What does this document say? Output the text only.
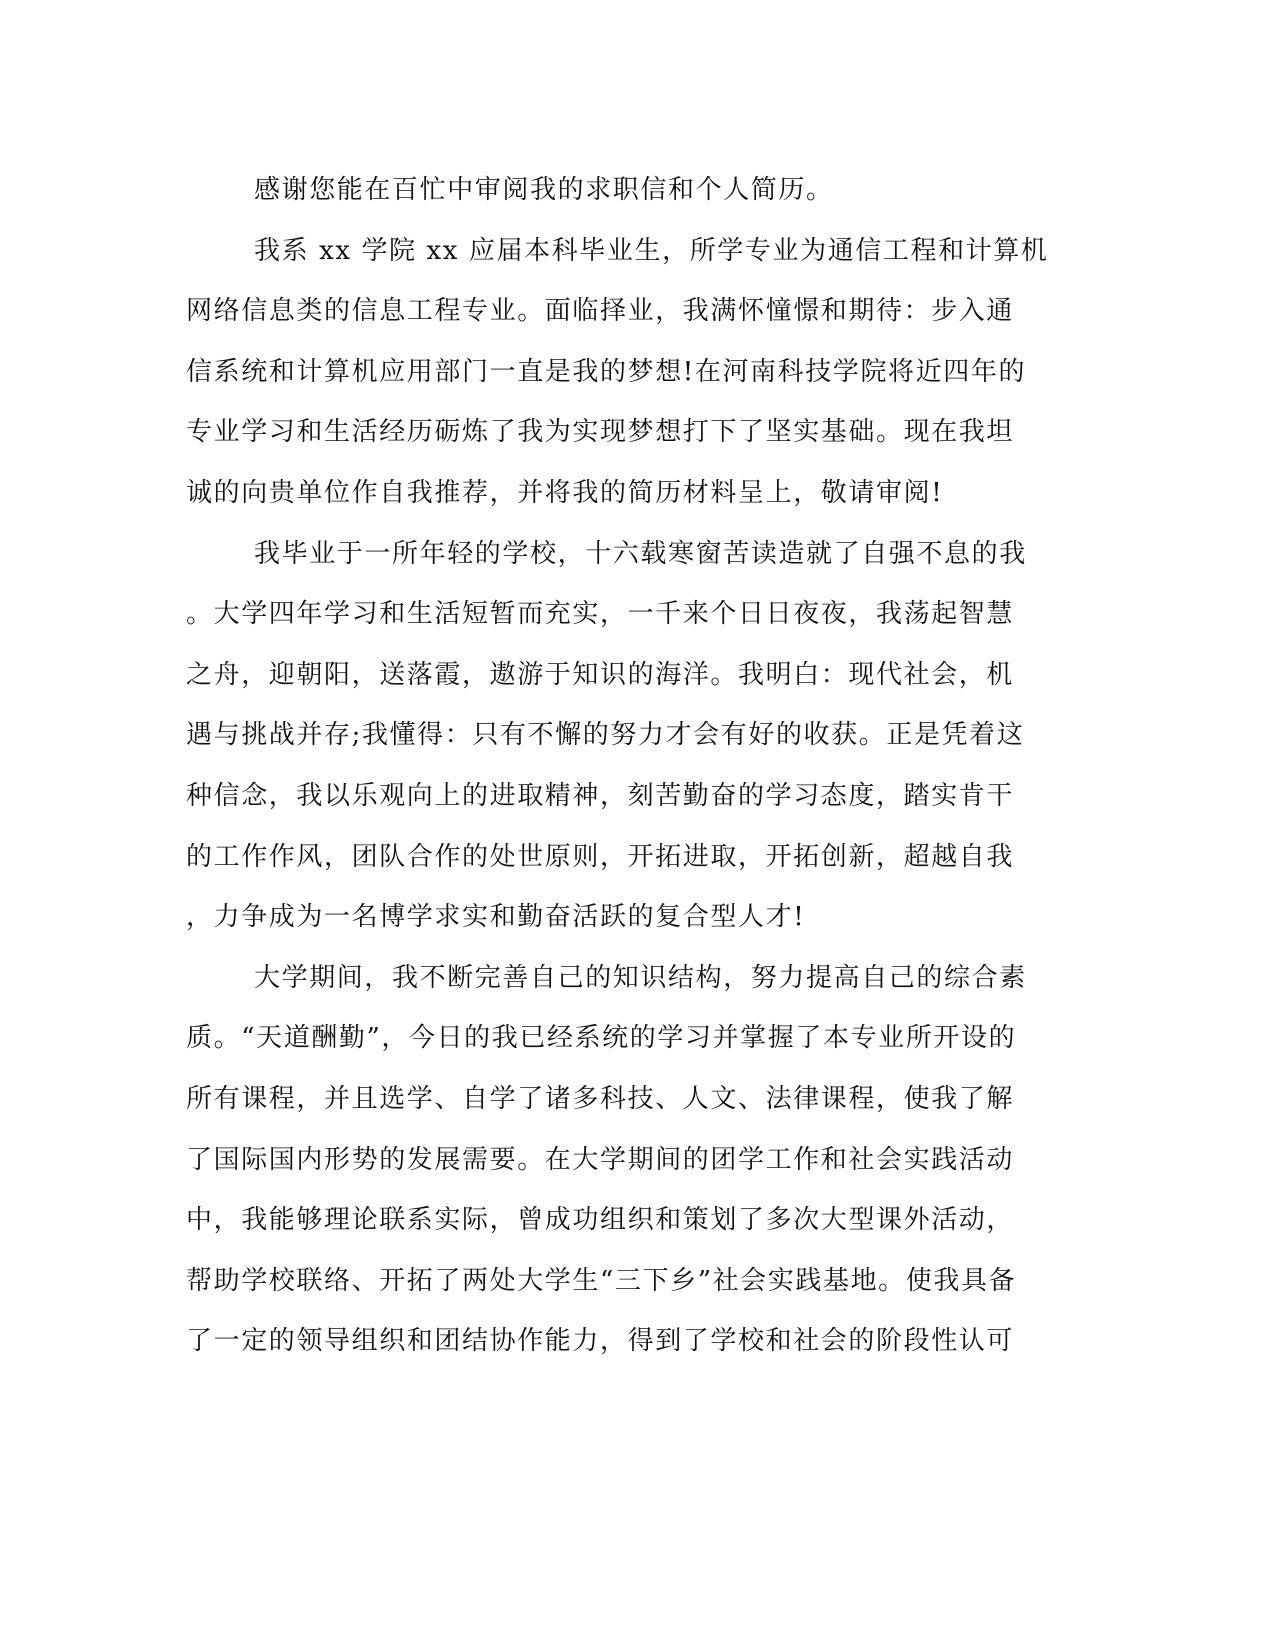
感谢您能在百忙中审阅我的求职信和个人简历。
我系 xx 学院 xx 应届本科毕业生，所学专业为通信工程和计算机
网络信息类的信息工程专业。面临择业，我满怀憧憬和期待：步入通
信系统和计算机应用部门一直是我的梦想!在河南科技学院将近四年的
专业学习和生活经历砺炼了我为实现梦想打下了坚实基础。现在我坦
诚的向贵单位作自我推荐，并将我的简历材料呈上，敬请审阅!
我毕业于一所年轻的学校，十六载寒窗苦读造就了自强不息的我
。大学四年学习和生活短暂而充实，一千来个日日夜夜，我荡起智慧
之舟，迎朝阳，送落霞，遨游于知识的海洋。我明白：现代社会，机
遇与挑战并存;我懂得：只有不懈的努力才会有好的收获。正是凭着这
种信念，我以乐观向上的进取精神，刻苦勤奋的学习态度，踏实肯干
的工作作风，团队合作的处世原则，开拓进取，开拓创新，超越自我
，力争成为一名博学求实和勤奋活跃的复合型人才!
大学期间，我不断完善自己的知识结构，努力提高自己的综合素
质。“天道酬勤”，今日的我已经系统的学习并掌握了本专业所开设的
所有课程，并且选学、自学了诸多科技、人文、法律课程，使我了解
了国际国内形势的发展需要。在大学期间的团学工作和社会实践活动
中，我能够理论联系实际，曾成功组织和策划了多次大型课外活动，
帮助学校联络、开拓了两处大学生“三下乡”社会实践基地。使我具备
了一定的领导组织和团结协作能力，得到了学校和社会的阶段性认可
